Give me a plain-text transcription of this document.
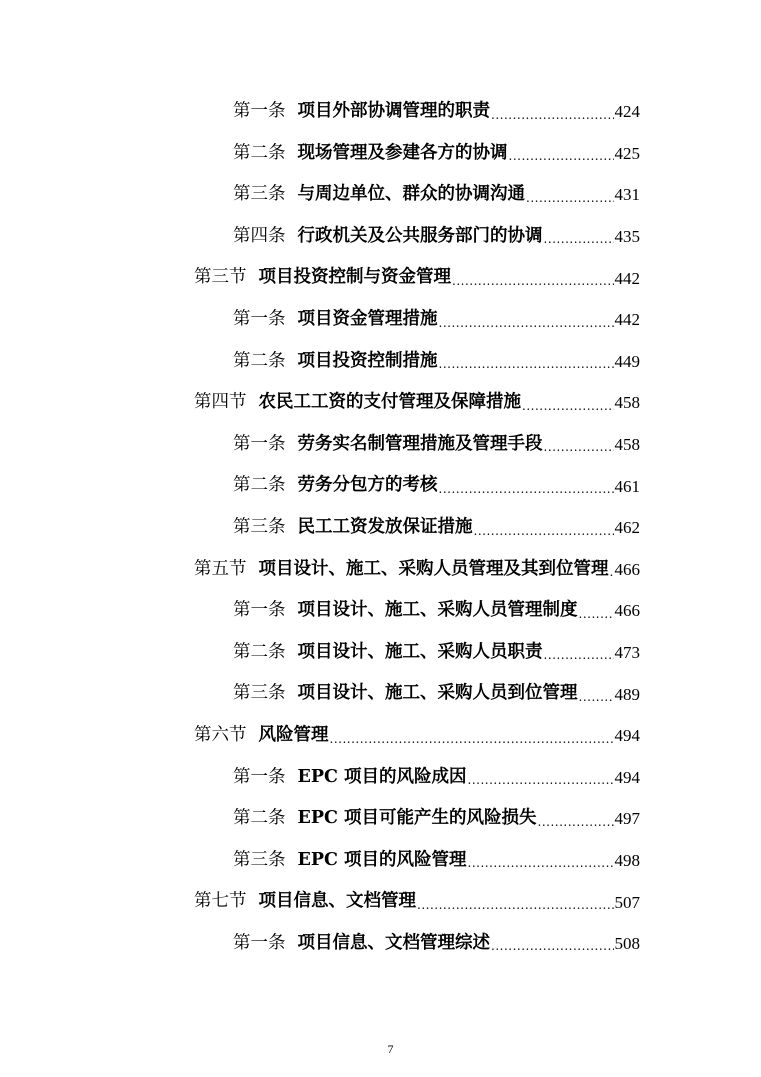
第一条 项目外部协调管理的职责 .....	424
第二条 现场管理及参建各方的协调 .....	425
第三条 与周边单位、群众的协调沟通 .....	431
第四条 行政机关及公共服务部门的协调 .....	435
第三节 项目投资控制与资金管理 .....	442
第一条 项目资金管理措施 .....	442
第二条 项目投资控制措施 .....	449
第四节 农民工工资的支付管理及保障措施 .....	458
第一条 劳务实名制管理措施及管理手段 .....	458
第二条 劳务分包方的考核 .....	461
第三条 民工工资发放保证措施 .....	462
第五节 项目设计、施工、采购人员管理及其到位管理 ..... 466
第一条 项目设计、施工、采购人员管理制度 ..... 466
第二条 项目设计、施工、采购人员职责 .....	473
第三条 项目设计、施工、采购人员到位管理 ..... 489
第六节 风险管理 .....	494
第一条 EPC 项目的风险成因 .....	494
第二条 EPC 项目可能产生的风险损失 .....	497
第三条 EPC 项目的风险管理 .....	498
第七节 项目信息、文档管理 .....	507
第一条 项目信息、文档管理综述 .....	508
7
